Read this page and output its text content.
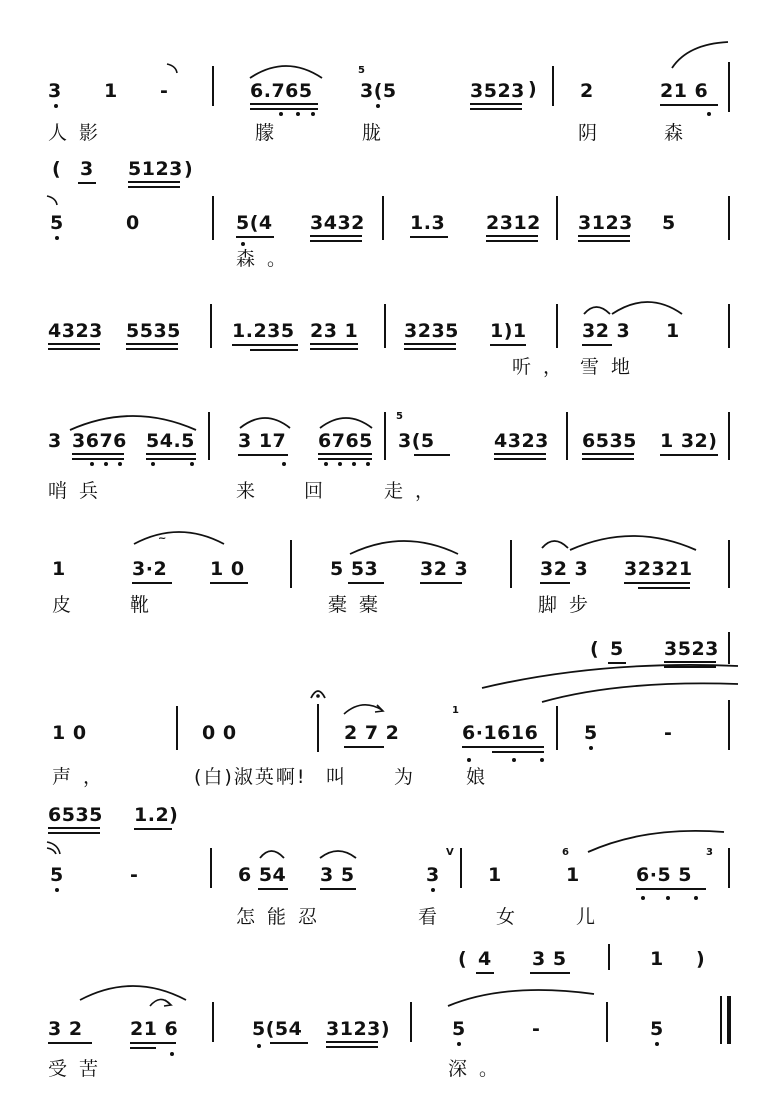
3 1 -	6.765
5
3(5	3523 ) 2	21 6
人影	朦	胧	阴	森
( 3 5123 )
5	0	5(4 3432 1.3 2312 3123 5
森。
4323 5535	1.235 23 1 3235 1)1	32 3 1
听， 雪地
3 3676 54.5 3 17 6765
5
3(5	4323 6535 1 32)
哨兵	来 回	走，
~
1	3·2 1 0	5 53 32 3	32 3 32321
皮 靴	橐橐	脚步
( 5 3523
1 0	0 0	2 7 2
1
6·1616 5	-
声，	(白)淑英啊! 叫 为 娘
6535 1.2)
5	-	6 54 3 5	3
V
1
6
1
3
6·5 5
怎能忍	看 女	儿
( 4 3 5	1 )
3 2 21 6	5(54 3123)	5	-	5
受苦	深。
